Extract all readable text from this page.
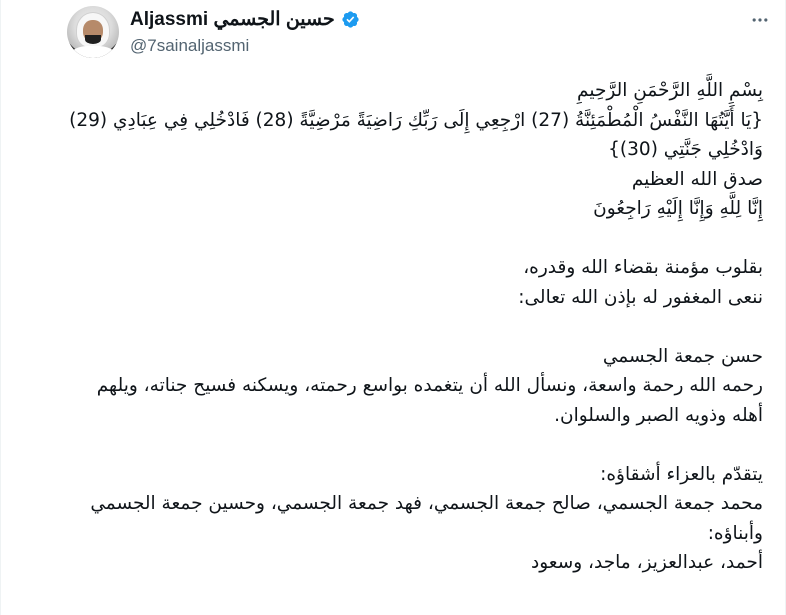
Aljassmi حسين الجسمي
@7sainaljassmi

بِسْمِ اللَّهِ الرَّحْمَنِ الرَّحِيمِ

{يَا أَيَّتُهَا النَّفْسُ الْمُطْمَئِنَّةُ (27) ارْجِعِي إِلَى رَبِّكِ رَاضِيَةً مَرْضِيَّةً (28) فَادْخُلِي فِي عِبَادِي (29) وَادْخُلِي جَنَّتِي (30)}

صدق الله العظيم

إِنَّا لِلَّهِ وَإِنَّا إِلَيْهِ رَاجِعُونَ

بقلوب مؤمنة بقضاء الله وقدره،

ننعى المغفور له بإذن الله تعالى:

حسن جمعة الجسمي

رحمه الله رحمة واسعة، ونسأل الله أن يتغمده بواسع رحمته، ويسكنه فسيح جناته، ويلهم أهله وذويه الصبر والسلوان.

يتقدّم بالعزاء أشقاؤه:

محمد جمعة الجسمي، صالح جمعة الجسمي، فهد جمعة الجسمي، وحسين جمعة الجسمي

وأبناؤه:

أحمد، عبدالعزيز، ماجد، وسعود
